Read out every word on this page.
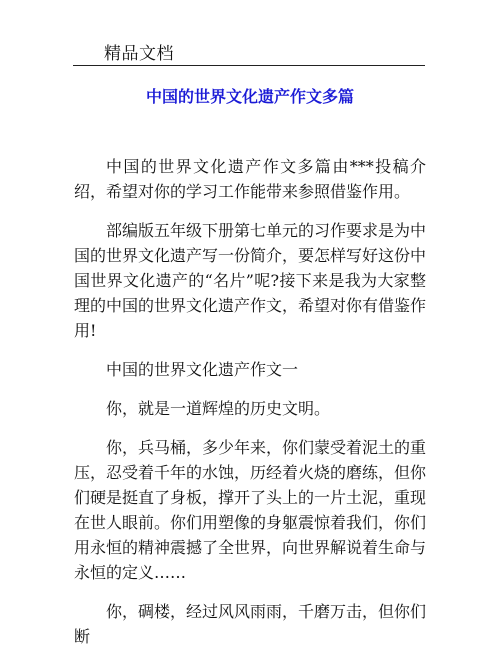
精品文档
中国的世界文化遗产作文多篇

中国的世界文化遗产作文多篇由***投稿介绍，希望对你的学习工作能带来参照借鉴作用。

部编版五年级下册第七单元的习作要求是为中国的世界文化遗产写一份简介，要怎样写好这份中国世界文化遗产的“名片”呢?接下来是我为大家整理的中国的世界文化遗产作文，希望对你有借鉴作用!

中国的世界文化遗产作文一

你，就是一道辉煌的历史文明。

你，兵马桶，多少年来，你们蒙受着泥土的重压，忍受着千年的水蚀，历经着火烧的磨练，但你们硬是挺直了身板，撑开了头上的一片土泥，重现在世人眼前。你们用塑像的身躯震惊着我们，你们用永恒的精神震撼了全世界，向世界解说着生命与永恒的定义……

你，碉楼，经过风风雨雨，千磨万击，但你们断
